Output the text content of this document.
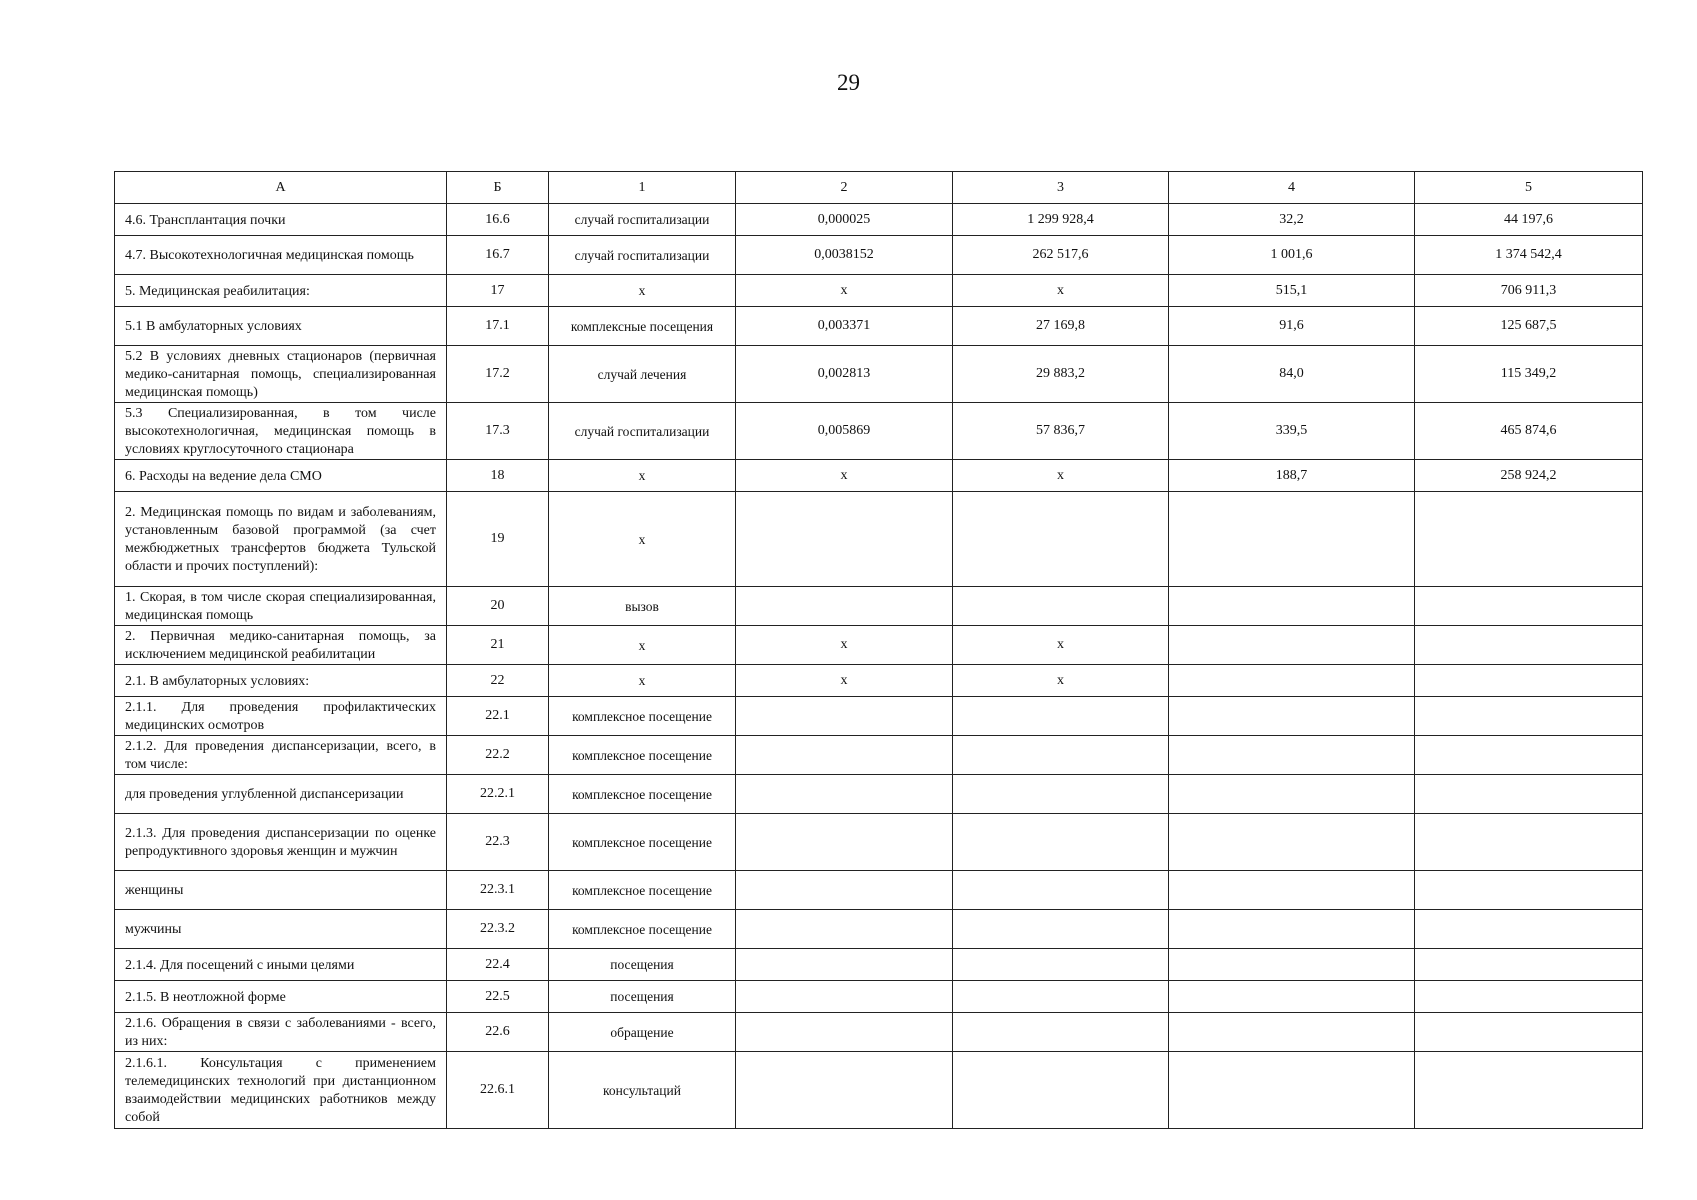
29
А	Б	1	2	3	4	5
4.6. Трансплантация почки	16.6	случай госпитализации	0,000025	1 299 928,4	32,2	44 197,6
4.7. Высокотехнологичная медицинская помощь	16.7	случай госпитализации	0,0038152	262 517,6	1 001,6	1 374 542,4
5. Медицинская реабилитация:	17	х	х	х	515,1	706 911,3
5.1 В амбулаторных условиях	17.1	комплексные посещения	0,003371	27 169,8	91,6	125 687,5
5.2 В условиях дневных стационаров (первичная медико-санитарная помощь, специализированная медицинская помощь)	17.2	случай лечения	0,002813	29 883,2	84,0	115 349,2
5.3 Специализированная, в том числе высокотехнологичная, медицинская помощь в условиях круглосуточного стационара	17.3	случай госпитализации	0,005869	57 836,7	339,5	465 874,6
6. Расходы на ведение дела СМО	18	х	х	х	188,7	258 924,2
2. Медицинская помощь по видам и заболеваниям, установленным базовой программой (за счет межбюджетных трансфертов бюджета Тульской области и прочих поступлений):	19	х				
1. Скорая, в том числе скорая специализированная, медицинская помощь	20	вызов				
2. Первичная медико-санитарная помощь, за исключением медицинской реабилитации	21	х	х	х		
2.1. В амбулаторных условиях:	22	х	х	х		
2.1.1. Для проведения профилактических медицинских осмотров	22.1	комплексное посещение				
2.1.2. Для проведения диспансеризации, всего, в том числе:	22.2	комплексное посещение				
для проведения углубленной диспансеризации	22.2.1	комплексное посещение				
2.1.3. Для проведения диспансеризации по оценке репродуктивного здоровья женщин и мужчин	22.3	комплексное посещение				
женщины	22.3.1	комплексное посещение				
мужчины	22.3.2	комплексное посещение				
2.1.4. Для посещений с иными целями	22.4	посещения				
2.1.5. В неотложной форме	22.5	посещения				
2.1.6. Обращения в связи с заболеваниями - всего, из них:	22.6	обращение				
2.1.6.1. Консультация с применением телемедицинских технологий при дистанционном взаимодействии медицинских работников между собой	22.6.1	консультаций				
